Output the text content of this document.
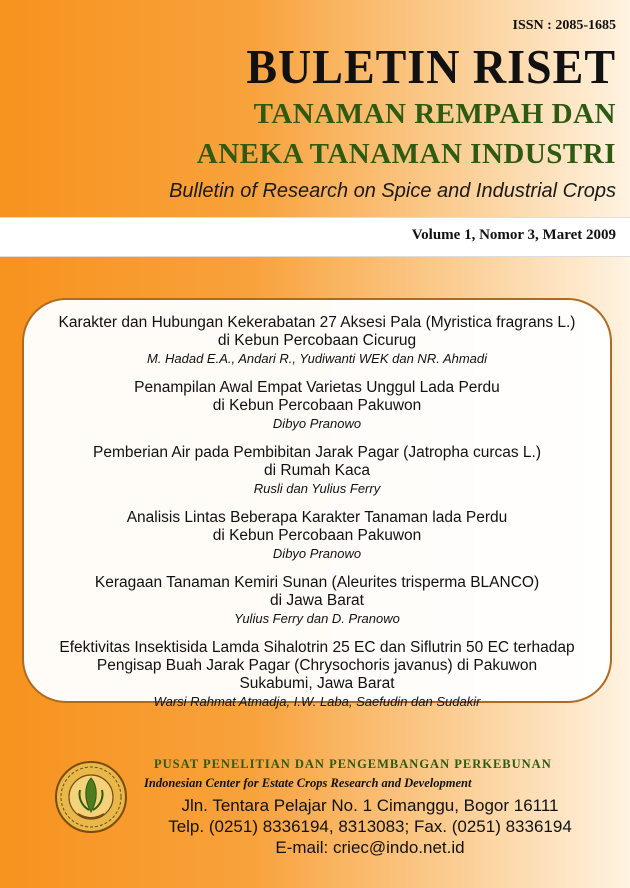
ISSN : 2085-1685
BULETIN RISET
TANAMAN REMPAH DAN
ANEKA TANAMAN INDUSTRI
Bulletin of Research on Spice and Industrial Crops
Volume 1, Nomor 3, Maret 2009
Karakter dan Hubungan Kekerabatan 27 Aksesi Pala (Myristica fragrans L.)
di Kebun Percobaan Cicurug
M. Hadad E.A., Andari R., Yudiwanti WEK dan NR. Ahmadi
Penampilan Awal Empat Varietas Unggul Lada Perdu
di Kebun Percobaan Pakuwon
Dibyo Pranowo
Pemberian Air pada Pembibitan Jarak Pagar (Jatropha curcas L.)
di Rumah Kaca
Rusli dan Yulius Ferry
Analisis Lintas Beberapa Karakter Tanaman lada Perdu
di Kebun Percobaan Pakuwon
Dibyo Pranowo
Keragaan Tanaman Kemiri Sunan (Aleurites trisperma BLANCO)
di Jawa Barat
Yulius Ferry dan D. Pranowo
Efektivitas Insektisida Lamda Sihalotrin 25 EC dan Siflutrin 50 EC terhadap
Pengisap Buah Jarak Pagar (Chrysochoris javanus) di Pakuwon
Sukabumi, Jawa Barat
Warsi Rahmat Atmadja, I.W. Laba, Saefudin dan Sudakir
PUSAT PENELITIAN DAN PENGEMBANGAN PERKEBUNAN
Indonesian Center for Estate Crops Research and Development
Jln. Tentara Pelajar No. 1 Cimanggu, Bogor 16111
Telp. (0251) 8336194, 8313083; Fax. (0251) 8336194
E-mail: criec@indo.net.id
